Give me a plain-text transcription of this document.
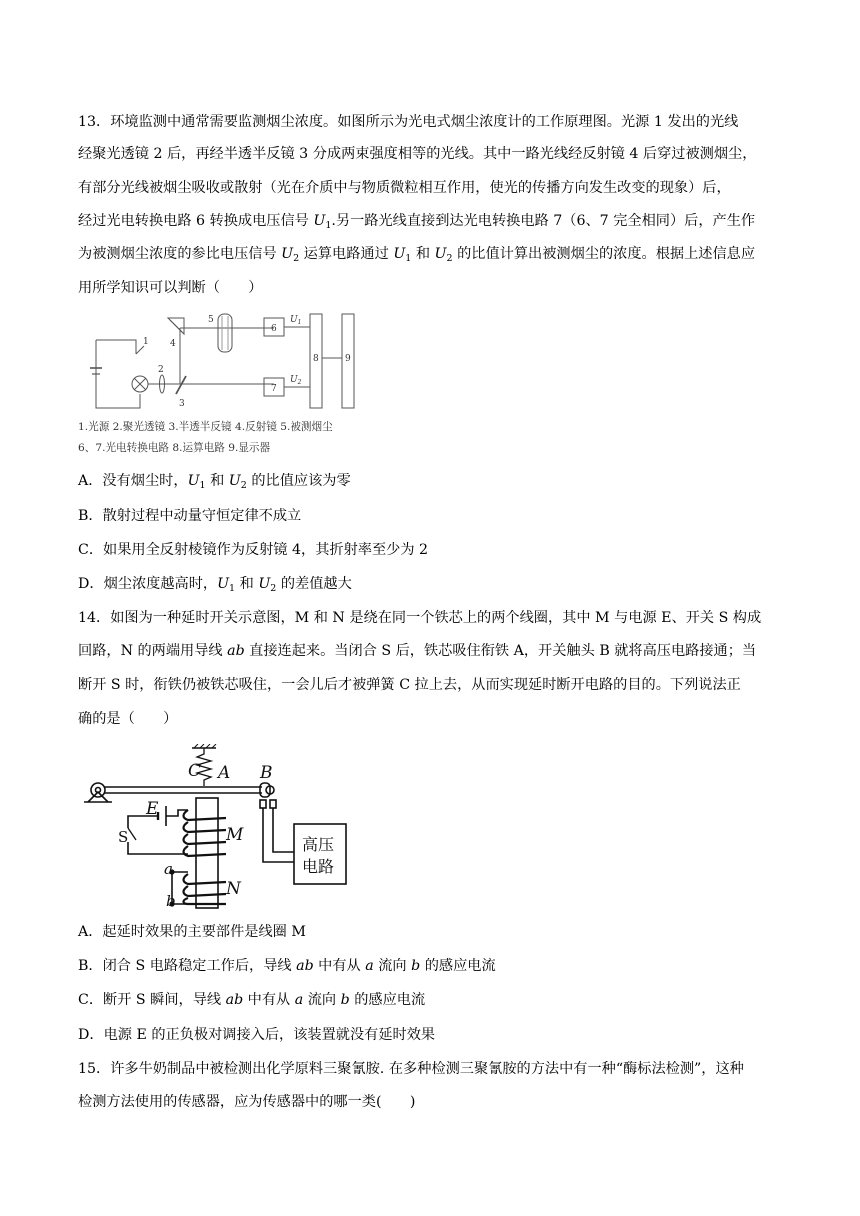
13．环境监测中通常需要监测烟尘浓度。如图所示为光电式烟尘浓度计的工作原理图。光源 1 发出的光线
经聚光透镜 2 后，再经半透半反镜 3 分成两束强度相等的光线。其中一路光线经反射镜 4 后穿过被测烟尘，
有部分光线被烟尘吸收或散射（光在介质中与物质微粒相互作用，使光的传播方向发生改变的现象）后，
经过光电转换电路 6 转换成电压信号 $U_1$.另一路光线直接到达光电转换电路 7（6、7 完全相同）后，产生作
为被测烟尘浓度的参比电压信号 $U_2$ 运算电路通过 $U_1$ 和 $U_2$ 的比值计算出被测烟尘的浓度。根据上述信息应
用所学知识可以判断（　　）
1
2
3
4
5
6
7
8	9
$U_1$
$U_2$
1.光源 2.聚光透镜 3.半透半反镜 4.反射镜 5.被测烟尘
6、7.光电转换电路 8.运算电路 9.显示器
A．没有烟尘时，$U_1$ 和 $U_2$ 的比值应该为零
B．散射过程中动量守恒定律不成立
C．如果用全反射棱镜作为反射镜 4，其折射率至少为 2
D．烟尘浓度越高时，$U_1$ 和 $U_2$ 的差值越大
14．如图为一种延时开关示意图，M 和 N 是绕在同一个铁芯上的两个线圈，其中 M 与电源 E、开关 S 构成
回路，N 的两端用导线 ab 直接连起来。当闭合 S 后，铁芯吸住衔铁 A，开关触头 B 就将高压电路接通；当
断开 S 时，衔铁仍被铁芯吸住，一会儿后才被弹簧 C 拉上去，从而实现延时断开电路的目的。下列说法正
确的是（　　）
C A B
E
M
N
a
b
S	高压
电路
A．起延时效果的主要部件是线圈 M
B．闭合 S 电路稳定工作后，导线 ab 中有从 a 流向 b 的感应电流
C．断开 S 瞬间，导线 ab 中有从 a 流向 b 的感应电流
D．电源 E 的正负极对调接入后，该装置就没有延时效果
15．许多牛奶制品中被检测出化学原料三聚氰胺. 在多种检测三聚氰胺的方法中有一种“酶标法检测”，这种
检测方法使用的传感器，应为传感器中的哪一类(　　)
